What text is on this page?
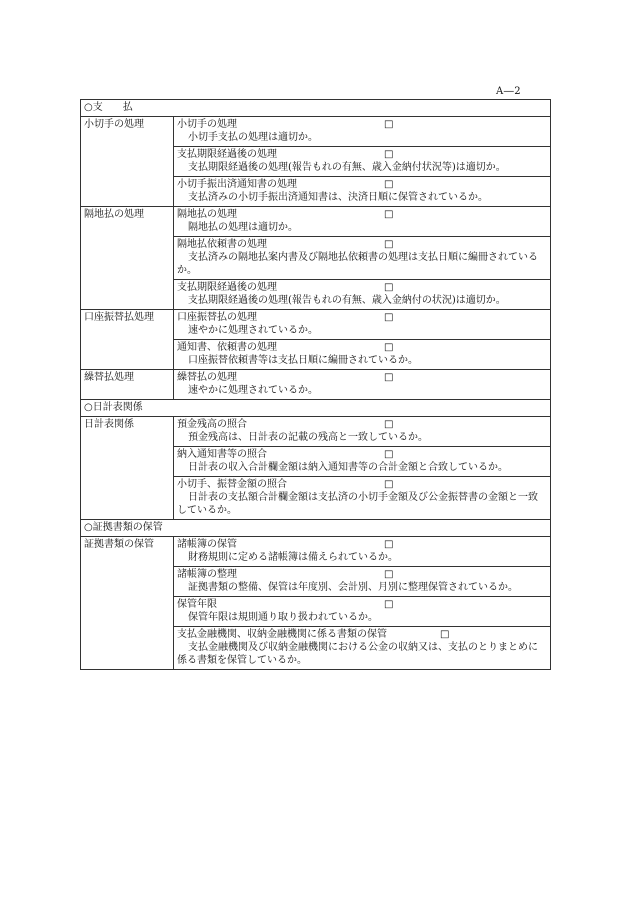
A―2
○支　　払	
小切手の処理	小切手の処理 □
小切手支払の処理は適切か。

	支払期限経過後の処理 □
支払期限経過後の処理(報告もれの有無、歳入金納付状況等)は適切か。

	小切手振出済通知書の処理 □
支払済みの小切手振出済通知書は、決済日順に保管されているか。

隔地払の処理	隔地払の処理 □
隔地払の処理は適切か。

	隔地払依頼書の処理 □
支払済みの隔地払案内書及び隔地払依頼書の処理は支払日順に編冊されているか。

	支払期限経過後の処理 □
支払期限経過後の処理(報告もれの有無、歳入金納付の状況)は適切か。

口座振替払処理	口座振替払の処理 □
速やかに処理されているか。

	通知書、依頼書の処理 □
口座振替依頼書等は支払日順に編冊されているか。

繰替払処理	繰替払の処理 □
速やかに処理されているか。

○日計表関係	
日計表関係	預金残高の照合 □
預金残高は、日計表の記載の残高と一致しているか。

	納入通知書等の照合 □
日計表の収入合計欄金額は納入通知書等の合計金額と合致しているか。

	小切手、振替金額の照合 □
日計表の支払額合計欄金額は支払済の小切手金額及び公金振替書の金額と一致しているか。

○証拠書類の保管	
証拠書類の保管	諸帳簿の保管 □
財務規則に定める諸帳簿は備えられているか。

	諸帳簿の整理 □
証拠書類の整備、保管は年度別、会計別、月別に整理保管されているか。

	保管年限 □
保管年限は規則通り取り扱われているか。

	支払金融機関、収納金融機関に係る書類の保管 □
支払金融機関及び収納金融機関における公金の収納又は、支払のとりまとめに係る書類を保管しているか。
